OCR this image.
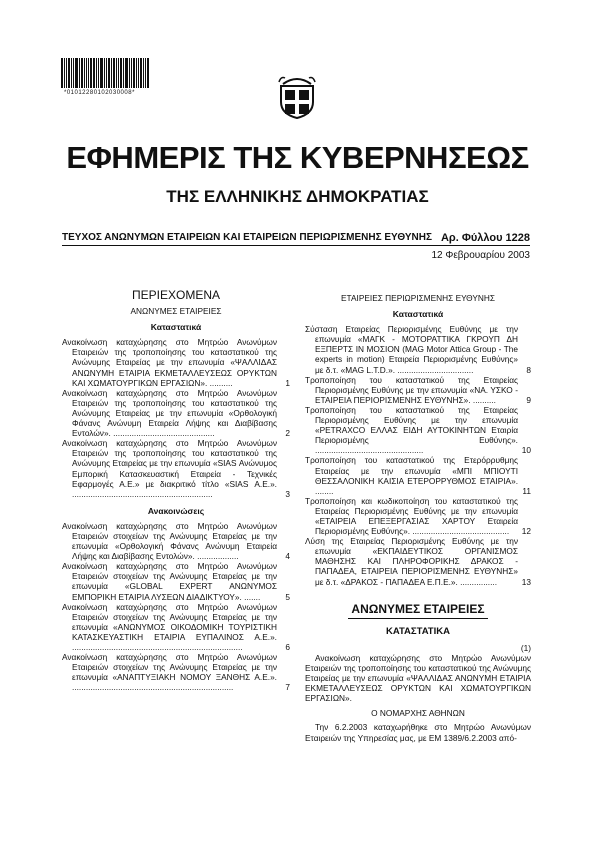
*01012280102030008*
ΕΦΗΜΕΡΙΣ ΤΗΣ ΚΥΒΕΡΝΗΣΕΩΣ
ΤΗΣ ΕΛΛΗΝΙΚΗΣ ΔΗΜΟΚΡΑΤΙΑΣ
ΤΕΥΧΟΣ ΑΝΩΝΥΜΩΝ ΕΤΑΙΡΕΙΩΝ ΚΑΙ ΕΤΑΙΡΕΙΩΝ ΠΕΡΙΩΡΙΣΜΕΝΗΣ ΕΥΘΥΝΗΣ Αρ. Φύλλου 1228
12 Φεβρουαρίου 2003

ΠΕΡΙΕΧΟΜΕΝΑ

ΑΝΩΝΥΜΕΣ ΕΤΑΙΡΕΙΕΣ

Καταστατικά

Ανακοίνωση καταχώρησης στο Μητρώο Ανωνύμων Εταιρειών της τροποποίησης του καταστατικού της Ανώνυμης Εταιρείας με την επωνυμία «ΨΑΛΛΙΔΑΣ ΑΝΩΝΥΜΗ ΕΤΑΙΡΙΑ ΕΚΜΕΤΑΛΛΕΥΣΕΩΣ ΟΡΥΚΤΩΝ ΚΑΙ ΧΩΜΑΤΟΥΡΓΙΚΩΝ ΕΡΓΑΣΙΩΝ». ..........	1
Ανακοίνωση καταχώρησης στο Μητρώο Ανωνύμων Εταιρειών της τροποποίησης του καταστατικού της Ανώνυμης Εταιρείας με την επωνυμία «Ορθολογική Φάνανς Ανώνυμη Εταιρεία Λήψης και Διαβίβασης Εντολών». ............................................	2
Ανακοίνωση καταχώρησης στο Μητρώο Ανωνύμων Εταιρειών της τροποποίησης του καταστατικού της Ανώνυμης Εταιρείας με την επωνυμία «SIAS Ανώνυμος Εμπορική Κατασκευαστική Εταιρεία - Τεχνικές Εφαρμογές Α.Ε.» με διακριτικό τίτλο «SIAS Α.Ε.». .............................................................	3

Ανακοινώσεις

Ανακοίνωση καταχώρησης στο Μητρώο Ανωνύμων Εταιρειών στοιχείων της Ανώνυμης Εταιρείας με την επωνυμία «Ορθολογική Φάνανς Ανώνυμη Εταιρεία Λήψης και Διαβίβασης Εντολών». ..................	4
Ανακοίνωση καταχώρησης στο Μητρώο Ανωνύμων Εταιρειών στοιχείων της Ανώνυμης Εταιρείας με την επωνυμία «GLOBAL EXPERT ΑΝΩΝΥΜΟΣ ΕΜΠΟΡΙΚΗ ΕΤΑΙΡΙΑ ΛΥΣΕΩΝ ΔΙΑΔΙΚΤΥΟΥ». .......	5
Ανακοίνωση καταχώρησης στο Μητρώο Ανωνύμων Εταιρειών στοιχείων της Ανώνυμης Εταιρείας με την επωνυμία «ΑΝΩΝΥΜΟΣ ΟΙΚΟΔΟΜΙΚΗ ΤΟΥΡΙΣΤΙΚΗ ΚΑΤΑΣΚΕΥΑΣΤΙΚΗ ΕΤΑΙΡΙΑ ΕΥΠΑΛΙΝΟΣ Α.Ε.». ..........................................................................	6
Ανακοίνωση καταχώρησης στο Μητρώο Ανωνύμων Εταιρειών στοιχείων της Ανώνυμης Εταιρείας με την επωνυμία «ΑΝΑΠΤΥΞΙΑΚΗ ΝΟΜΟΥ ΞΑΝΘΗΣ Α.Ε.». ......................................................................	7

ΕΤΑΙΡΕΙΕΣ ΠΕΡΙΩΡΙΣΜΕΝΗΣ ΕΥΘΥΝΗΣ

Καταστατικά

Σύσταση Εταιρείας Περιορισμένης Ευθύνης με την επωνυμία «ΜΑΓΚ - ΜΟΤΟΡΑΤΤΙΚΑ ΓΚΡΟΥΠ ΔΗ ΕΞΠΕΡΤΣ ΙΝ ΜΟΣΙΟΝ (MAG Motor Attica Group - The experts in motion) Εταιρεία Περιορισμένης Ευθύνης» με δ.τ. «MAG L.T.D.». .................................	8
Τροποποίηση του καταστατικού της Εταιρείας Περιορισμένης Ευθύνης με την επωνυμία «ΝΑ. ΥΣΚΟ - ΕΤΑΙΡΕΙΑ ΠΕΡΙΟΡΙΣΜΕΝΗΣ ΕΥΘΥΝΗΣ». ..........	9
Τροποποίηση του καταστατικού της Εταιρείας Περιορισμένης Ευθύνης με την επωνυμία «PETRAXCO ΕΛΛΑΣ ΕΙΔΗ ΑΥΤΟΚΙΝΗΤΩΝ Εταιρία Περιορισμένης Ευθύνης». ...............................................	10
Τροποποίηση του καταστατικού της Ετερόρρυθμης Εταιρείας με την επωνυμία «ΜΠΙ ΜΠΙΟΥΤΙ ΘΕΣΣΑΛΟΝΙΚΗ ΚΑΙΣΙΑ ΕΤΕΡΟΡΡΥΘΜΟΣ ΕΤΑΙΡΙΑ». ........	11
Τροποποίηση και κωδικοποίηση του καταστατικού της Εταιρείας Περιορισμένης Ευθύνης με την επωνυμία «ΕΤΑΙΡΕΙΑ ΕΠΕΞΕΡΓΑΣΙΑΣ ΧΑΡΤΟΥ Εταιρεία Περιορισμένης Ευθύνης». .......................................... 12
Λύση της Εταιρείας Περιορισμένης Ευθύνης με την επωνυμία «ΕΚΠΑΙΔΕΥΤΙΚΟΣ ΟΡΓΑΝΙΣΜΟΣ ΜΑΘΗΣΗΣ ΚΑΙ ΠΛΗΡΟΦΟΡΙΚΗΣ ΔΡΑΚΟΣ - ΠΑΠΑΔΕΑ, ΕΤΑΙΡΕΙΑ ΠΕΡΙΟΡΙΣΜΕΝΗΣ ΕΥΘΥΝΗΣ» με δ.τ. «ΔΡΑΚΟΣ - ΠΑΠΑΔΕΑ Ε.Π.Ε.». ................	13
ΑΝΩΝΥΜΕΣ ΕΤΑΙΡΕΙΕΣ
ΚΑΤΑΣΤΑΤΙΚΑ
(1)
Ανακοίνωση καταχώρησης στο Μητρώο Ανωνύμων Εταιρειών της τροποποίησης του καταστατικού της Ανώνυμης Εταιρείας με την επωνυμία «ΨΑΛΛΙΔΑΣ ΑΝΩΝΥΜΗ ΕΤΑΙΡΙΑ ΕΚΜΕΤΑΛΛΕΥΣΕΩΣ ΟΡΥΚΤΩΝ ΚΑΙ ΧΩΜΑΤΟΥΡΓΙΚΩΝ ΕΡΓΑΣΙΩΝ».
Ο ΝΟΜΑΡΧΗΣ ΑΘΗΝΩΝ
Την 6.2.2003 καταχωρήθηκε στο Μητρώο Ανωνύμων Εταιρειών της Υπηρεσίας μας, με ΕΜ 1389/6.2.2003 από-
